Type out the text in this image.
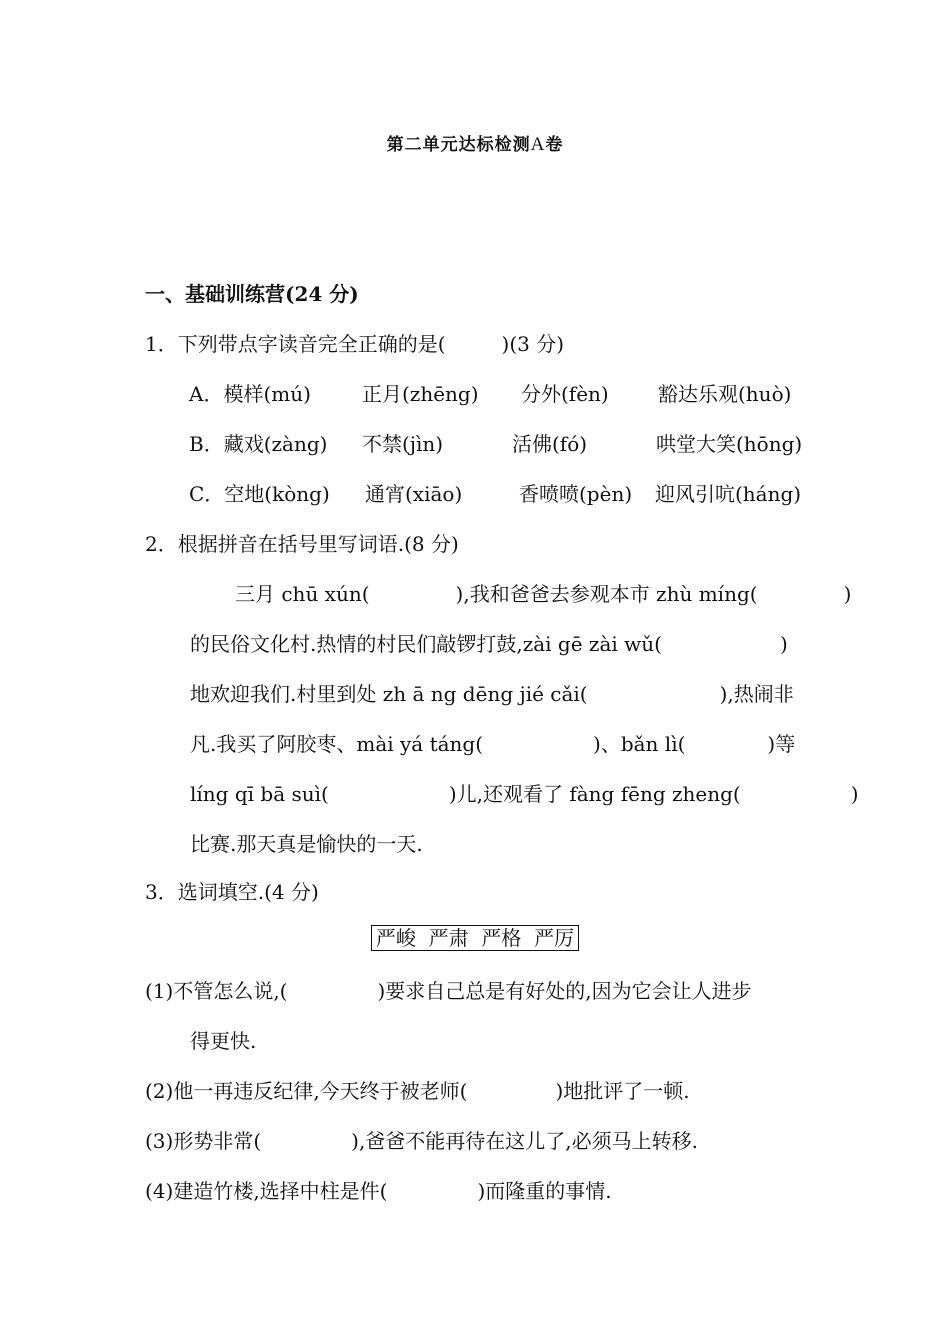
第二单元达标检测A卷
一、基础训练营(24 分)
1．下列带点字读音完全正确的是(	)(3 分)
A．模样(mú)	正月(zhēng) 分外(fèn) 豁达乐观(huò)
B．藏戏(zàng) 不禁(jìn)	活佛(fó)	哄堂大笑(hōng)
C．空地(kòng) 通宵(xiāo)	香喷喷(pèn) 迎风引吭(háng)
2．根据拼音在括号里写词语.(8 分)
三月 chū xún(	),我和爸爸去参观本市 zhù míng(	)
的民俗文化村.热情的村民们敲锣打鼓,zài gē zài wǔ(	)
地欢迎我们.村里到处 zh ā ng dēng jié cǎi(	),热闹非
凡.我买了阿胶枣、mài yá táng(	)、bǎn lì(	)等
líng qī bā suì(	)儿,还观看了 fàng fēng zheng(	)
比赛.那天真是愉快的一天.
3．选词填空.(4 分)
严峻  严肃  严格  严厉
(1)不管怎么说,(	)要求自己总是有好处的,因为它会让人进步
得更快.
(2)他一再违反纪律,今天终于被老师(	)地批评了一顿.
(3)形势非常(	),爸爸不能再待在这儿了,必须马上转移.
(4)建造竹楼,选择中柱是件(	)而隆重的事情.
